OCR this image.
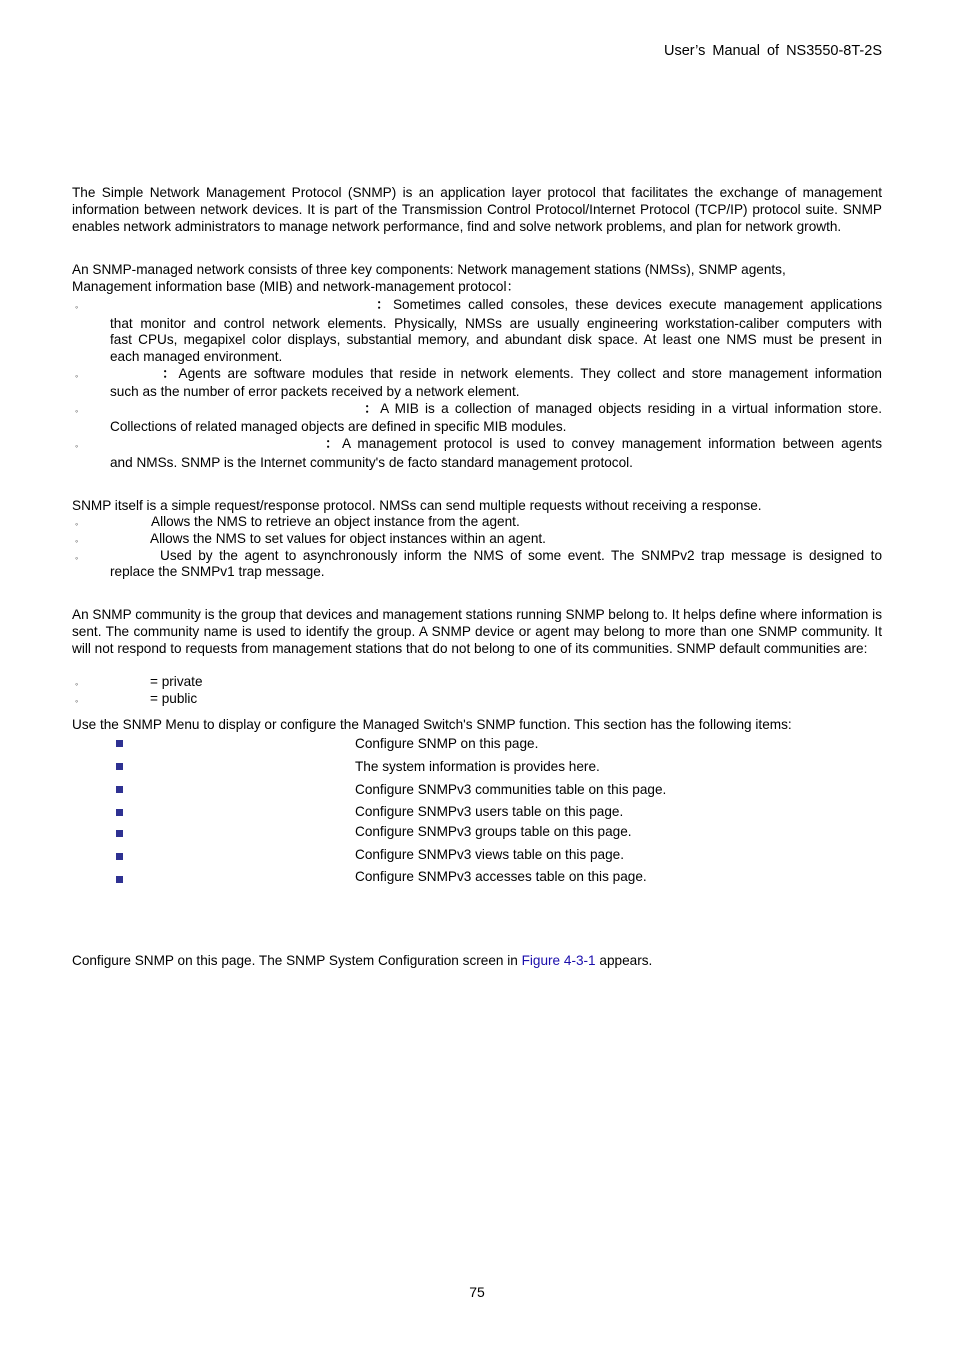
User’s Manual of NS3550-8T-2S
The Simple Network Management Protocol (SNMP) is an application layer protocol that facilitates the exchange of management information between network devices. It is part of the Transmission Control Protocol/Internet Protocol (TCP/IP) protocol suite. SNMP enables network administrators to manage network performance, find and solve network problems, and plan for network growth.
An SNMP-managed network consists of three key components: Network management stations (NMSs), SNMP agents,
Management information base (MIB) and network-management protocol：
◦	：Sometimes called consoles, these devices execute management applications
that monitor and control network elements. Physically, NMSs are usually engineering workstation-caliber computers with
fast CPUs, megapixel color displays, substantial memory, and abundant disk space. At least one NMS must be present in
each managed environment.
◦	：Agents are software modules that reside in network elements. They collect and store management information
such as the number of error packets received by a network element.
◦	：A MIB is a collection of managed objects residing in a virtual information store.
Collections of related managed objects are defined in specific MIB modules.
◦	：A management protocol is used to convey management information between agents
and NMSs. SNMP is the Internet community's de facto standard management protocol.
SNMP itself is a simple request/response protocol. NMSs can send multiple requests without receiving a response.
◦	Allows the NMS to retrieve an object instance from the agent.
◦	Allows the NMS to set values for object instances within an agent.
◦	Used by the agent to asynchronously inform the NMS of some event. The SNMPv2 trap message is designed to
replace the SNMPv1 trap message.
An SNMP community is the group that devices and management stations running SNMP belong to. It helps define where information is sent. The community name is used to identify the group. A SNMP device or agent may belong to more than one SNMP community. It will not respond to requests from management stations that do not belong to one of its communities. SNMP default communities are:
◦	= private
◦	= public
Use the SNMP Menu to display or configure the Managed Switch's SNMP function. This section has the following items:
Configure SNMP on this page.
The system information is provides here.
Configure SNMPv3 communities table on this page.
Configure SNMPv3 users table on this page.
Configure SNMPv3 groups table on this page.
Configure SNMPv3 views table on this page.
Configure SNMPv3 accesses table on this page.
Configure SNMP on this page. The SNMP System Configuration screen in Figure 4-3-1 appears.
75
